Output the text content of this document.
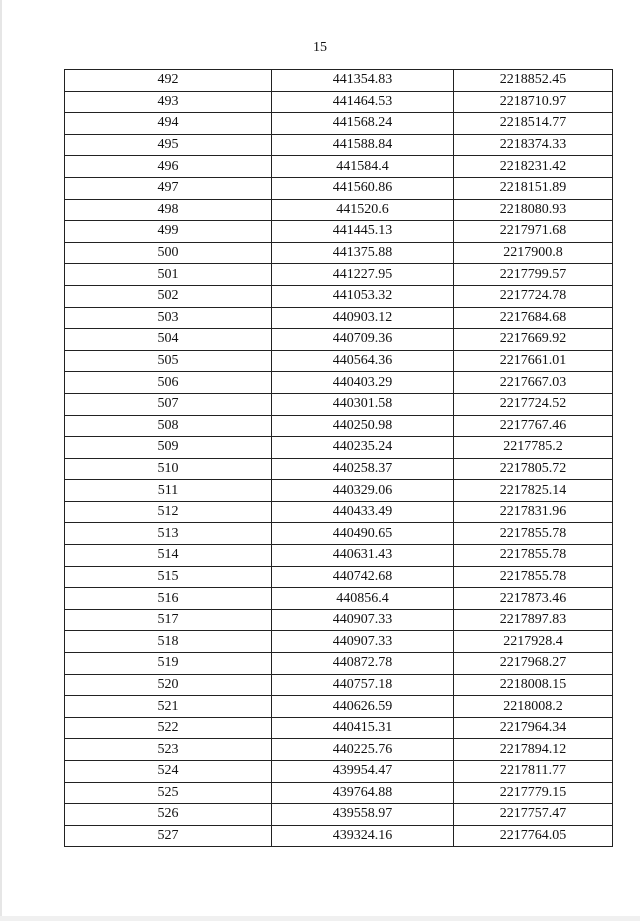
15
492	441354.83	2218852.45
493	441464.53	2218710.97
494	441568.24	2218514.77
495	441588.84	2218374.33
496	441584.4	2218231.42
497	441560.86	2218151.89
498	441520.6	2218080.93
499	441445.13	2217971.68
500	441375.88	2217900.8
501	441227.95	2217799.57
502	441053.32	2217724.78
503	440903.12	2217684.68
504	440709.36	2217669.92
505	440564.36	2217661.01
506	440403.29	2217667.03
507	440301.58	2217724.52
508	440250.98	2217767.46
509	440235.24	2217785.2
510	440258.37	2217805.72
511	440329.06	2217825.14
512	440433.49	2217831.96
513	440490.65	2217855.78
514	440631.43	2217855.78
515	440742.68	2217855.78
516	440856.4	2217873.46
517	440907.33	2217897.83
518	440907.33	2217928.4
519	440872.78	2217968.27
520	440757.18	2218008.15
521	440626.59	2218008.2
522	440415.31	2217964.34
523	440225.76	2217894.12
524	439954.47	2217811.77
525	439764.88	2217779.15
526	439558.97	2217757.47
527	439324.16	2217764.05
